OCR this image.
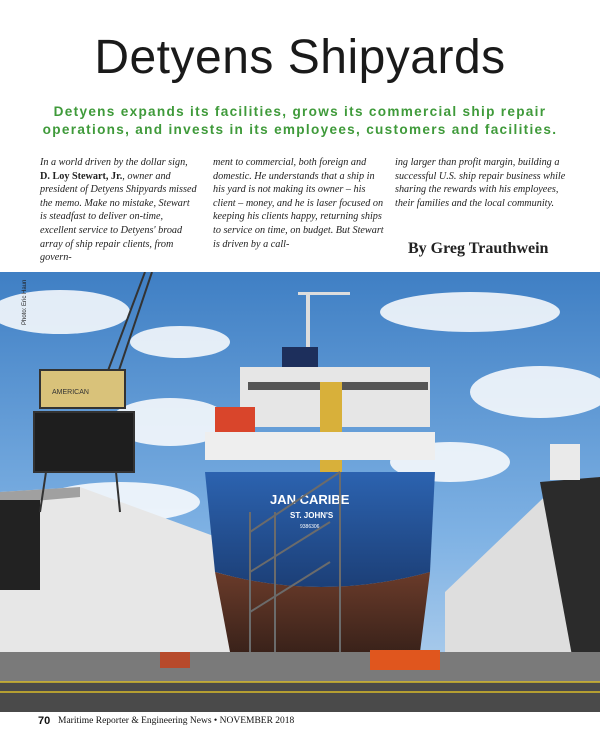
Detyens Shipyards

Detyens expands its facilities, grows its commercial ship repair operations, and invests in its employees, customers and facilities.

In a world driven by the dollar sign, D. Loy Stewart, Jr., owner and president of Detyens Shipyards missed the memo. Make no mistake, Stewart is steadfast to deliver on-time, excellent service to Detyens' broad array of ship repair clients, from govern-
ment to commercial, both foreign and domestic. He understands that a ship in his yard is not making its owner – his client – money, and he is laser focused on keeping his clients happy, returning ships to service on time, on budget. But Stewart is driven by a call-
ing larger than profit margin, building a successful U.S. ship repair business while sharing the rewards with his employees, their families and the local community.
By Greg Trauthwein
AMERICAN
JAN CARIBE
ST. JOHN'S
9386306
Photo: Eric Haun
70 Maritime Reporter & Engineering News • NOVEMBER 2018
